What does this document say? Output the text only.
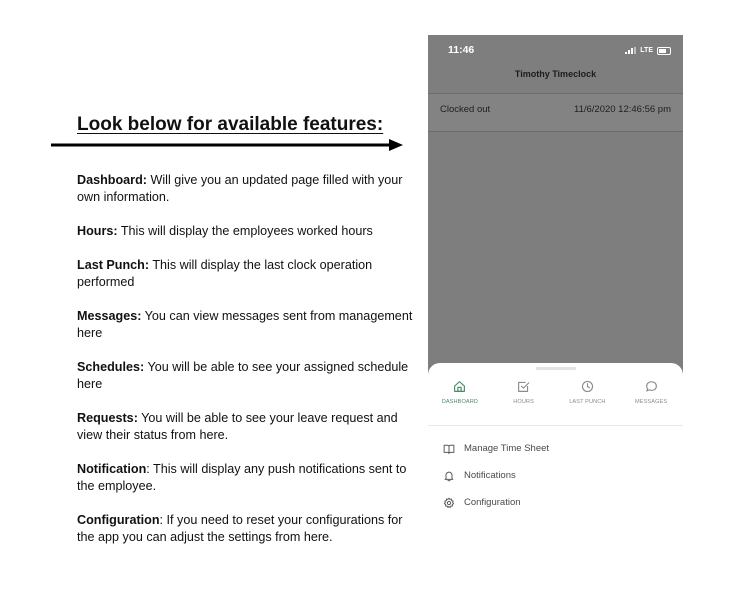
Look below for available features:

Dashboard: Will give you an updated page filled with your own information.

Hours: This will display the employees worked hours

Last Punch: This will display the last clock operation performed

Messages: You can view messages sent from management here

Schedules: You will be able to see your assigned schedule here

Requests: You will be able to see your leave request and view their status from here.

Notification: This will display any push notifications sent to the employee.

Configuration: If you need to reset your configurations for the app you can adjust the settings from here.

11:46	LTE
Timothy Timeclock
Clocked out	11/6/2020 12:46:56 pm
DASHBOARD	HOURS	LAST PUNCH	MESSAGES
Manage Time Sheet
Notifications
Configuration
